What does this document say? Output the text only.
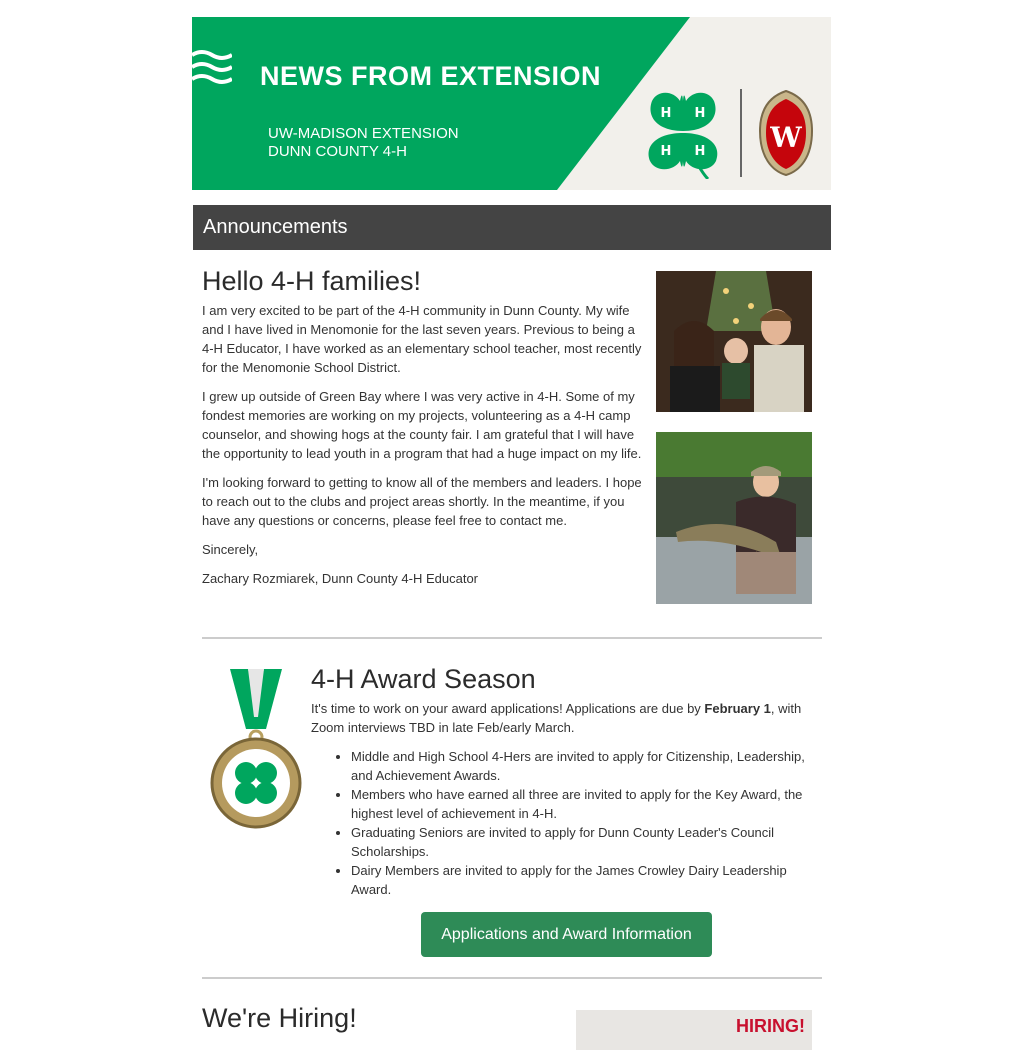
NEWS FROM EXTENSION
UW-MADISON EXTENSION
DUNN COUNTY 4-H
H H
H H W
Announcements
Hello 4-H families!

I am very excited to be part of the 4-H community in Dunn County. My wife and I have lived in Menomonie for the last seven years. Previous to being a 4-H Educator, I have worked as an elementary school teacher, most recently for the Menomonie School District.

I grew up outside of Green Bay where I was very active in 4-H. Some of my fondest memories are working on my projects, volunteering as a 4-H camp counselor, and showing hogs at the county fair. I am grateful that I will have the opportunity to lead youth in a program that had a huge impact on my life.

I'm looking forward to getting to know all of the members and leaders. I hope to reach out to the clubs and project areas shortly. In the meantime, if you have any questions or concerns, please feel free to contact me.

Sincerely,

Zachary Rozmiarek, Dunn County 4-H Educator

4-H Award Season

It's time to work on your award applications! Applications are due by February 1, with Zoom interviews TBD in late Feb/early March.

• Middle and High School 4-Hers are invited to apply for Citizenship, Leadership, and Achievement Awards.
• Members who have earned all three are invited to apply for the Key Award, the highest level of achievement in 4-H.
• Graduating Seniors are invited to apply for Dunn County Leader's Council Scholarships.
• Dairy Members are invited to apply for the James Crowley Dairy Leadership Award.
Applications and Award Information
We're Hiring!	HIRING!
